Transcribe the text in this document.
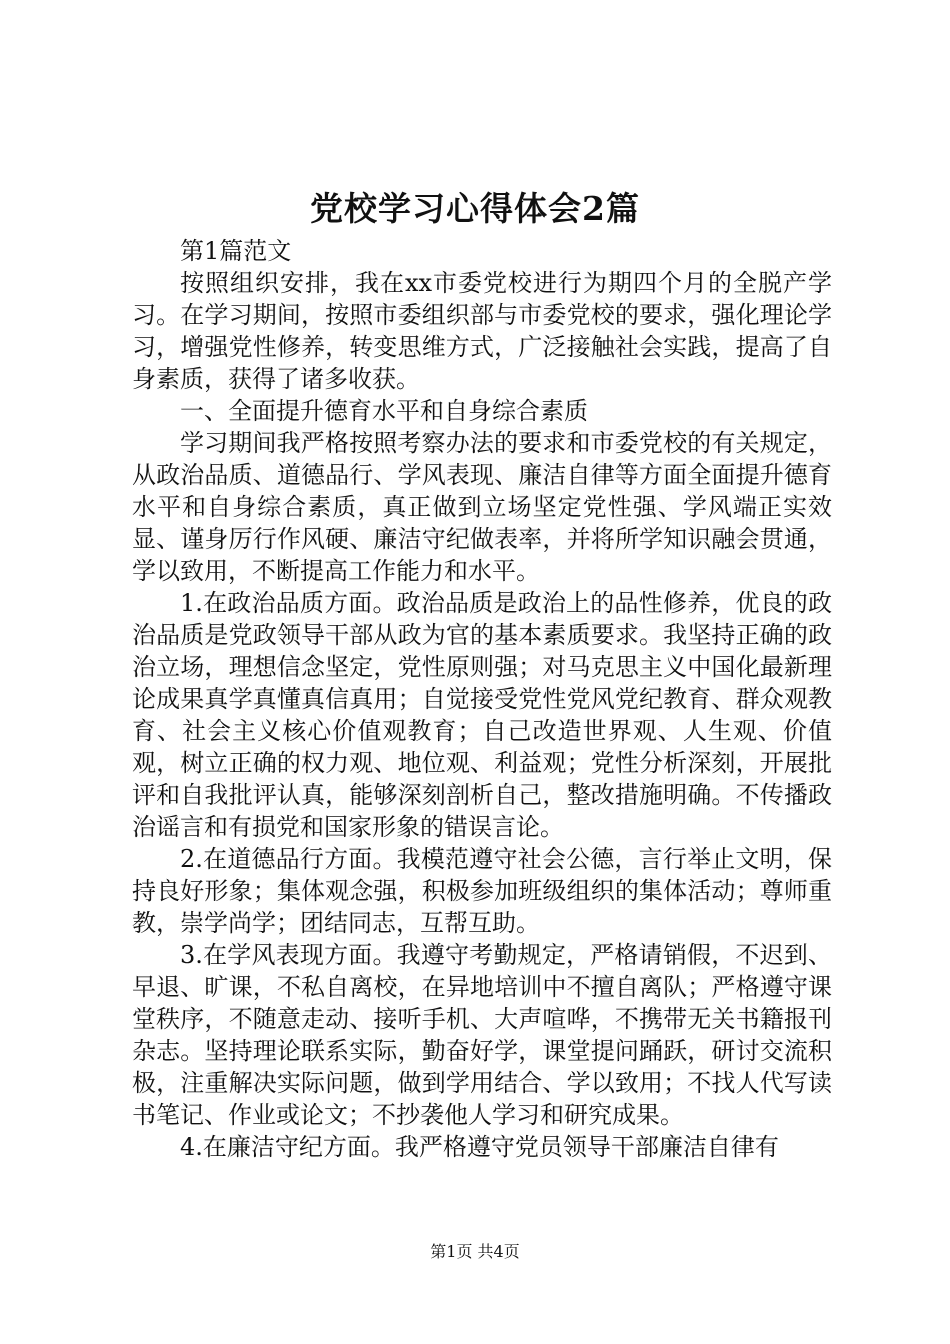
党校学习心得体会2篇

第1篇范文

按照组织安排，我在xx市委党校进行为期四个月的全脱产学习。在学习期间，按照市委组织部与市委党校的要求，强化理论学习，增强党性修养，转变思维方式，广泛接触社会实践，提高了自身素质，获得了诸多收获。

一、全面提升德育水平和自身综合素质

学习期间我严格按照考察办法的要求和市委党校的有关规定，从政治品质、道德品行、学风表现、廉洁自律等方面全面提升德育水平和自身综合素质，真正做到立场坚定党性强、学风端正实效显、谨身厉行作风硬、廉洁守纪做表率，并将所学知识融会贯通，学以致用，不断提高工作能力和水平。

1.在政治品质方面。政治品质是政治上的品性修养，优良的政治品质是党政领导干部从政为官的基本素质要求。我坚持正确的政治立场，理想信念坚定，党性原则强；对马克思主义中国化最新理论成果真学真懂真信真用；自觉接受党性党风党纪教育、群众观教育、社会主义核心价值观教育；自己改造世界观、人生观、价值观，树立正确的权力观、地位观、利益观；党性分析深刻，开展批评和自我批评认真，能够深刻剖析自己，整改措施明确。不传播政治谣言和有损党和国家形象的错误言论。

2.在道德品行方面。我模范遵守社会公德，言行举止文明，保持良好形象；集体观念强，积极参加班级组织的集体活动；尊师重教，崇学尚学；团结同志，互帮互助。

3.在学风表现方面。我遵守考勤规定，严格请销假，不迟到、早退、旷课，不私自离校，在异地培训中不擅自离队；严格遵守课堂秩序，不随意走动、接听手机、大声喧哗，不携带无关书籍报刊杂志。坚持理论联系实际，勤奋好学，课堂提问踊跃，研讨交流积极，注重解决实际问题，做到学用结合、学以致用；不找人代写读书笔记、作业或论文；不抄袭他人学习和研究成果。

4.在廉洁守纪方面。我严格遵守党员领导干部廉洁自律有

第1页 共4页
